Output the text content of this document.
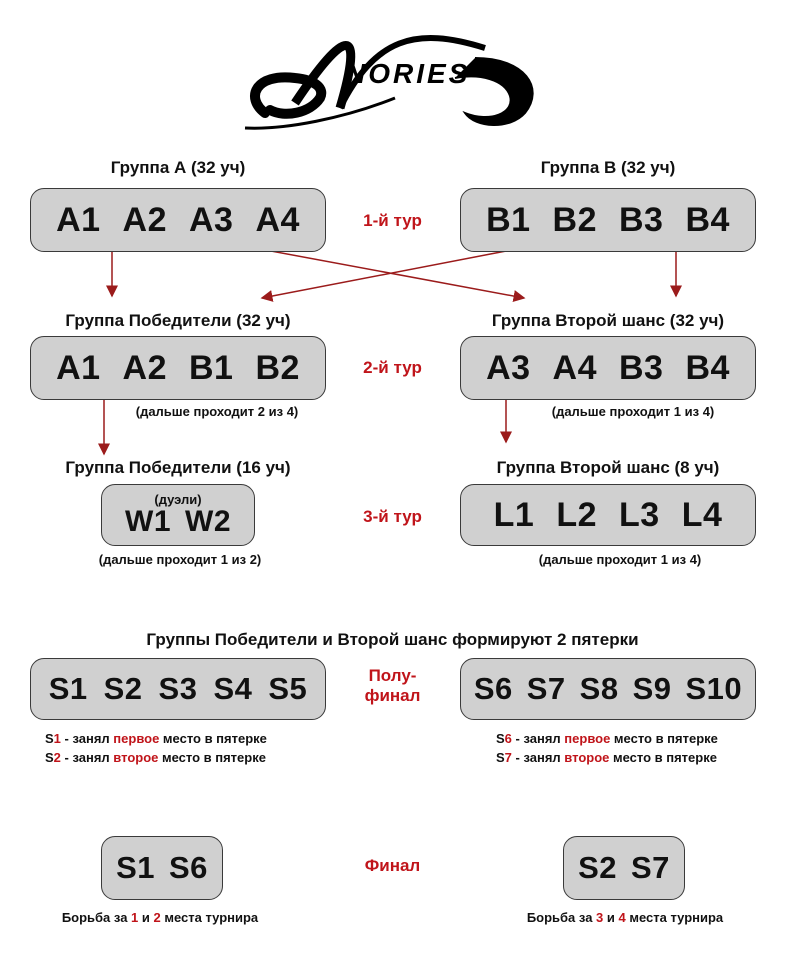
NORIES
Группа А (32 уч)	Группа В (32 уч)
A1 A2 A3 A4	1-й тур	B1 B2 B3 B4
Группа Победители (32 уч)	Группа Второй шанс (32 уч)
A1 A2 B1 B2	2-й тур	A3 A4 B3 B4
(дальше проходит 2 из 4)	(дальше проходит 1 из 4)
Группа Победители (16 уч)	Группа Второй шанс (8 уч)
(дуэли)
W1 W2	3-й тур	L1 L2 L3 L4
(дальше проходит 1 из 2)	(дальше проходит 1 из 4)
Группы Победители и Второй шанс формируют 2 пятерки
S1 S2 S3 S4 S5	Полу-
финал	S6 S7 S8 S9 S10
S1 - занял первое место в пятерке
S2 - занял второе место в пятерке
S6 - занял первое место в пятерке
S7 - занял второе место в пятерке
S1 S6	Финал	S2 S7
Борьба за 1 и 2 места турнира	Борьба за 3 и 4 места турнира
